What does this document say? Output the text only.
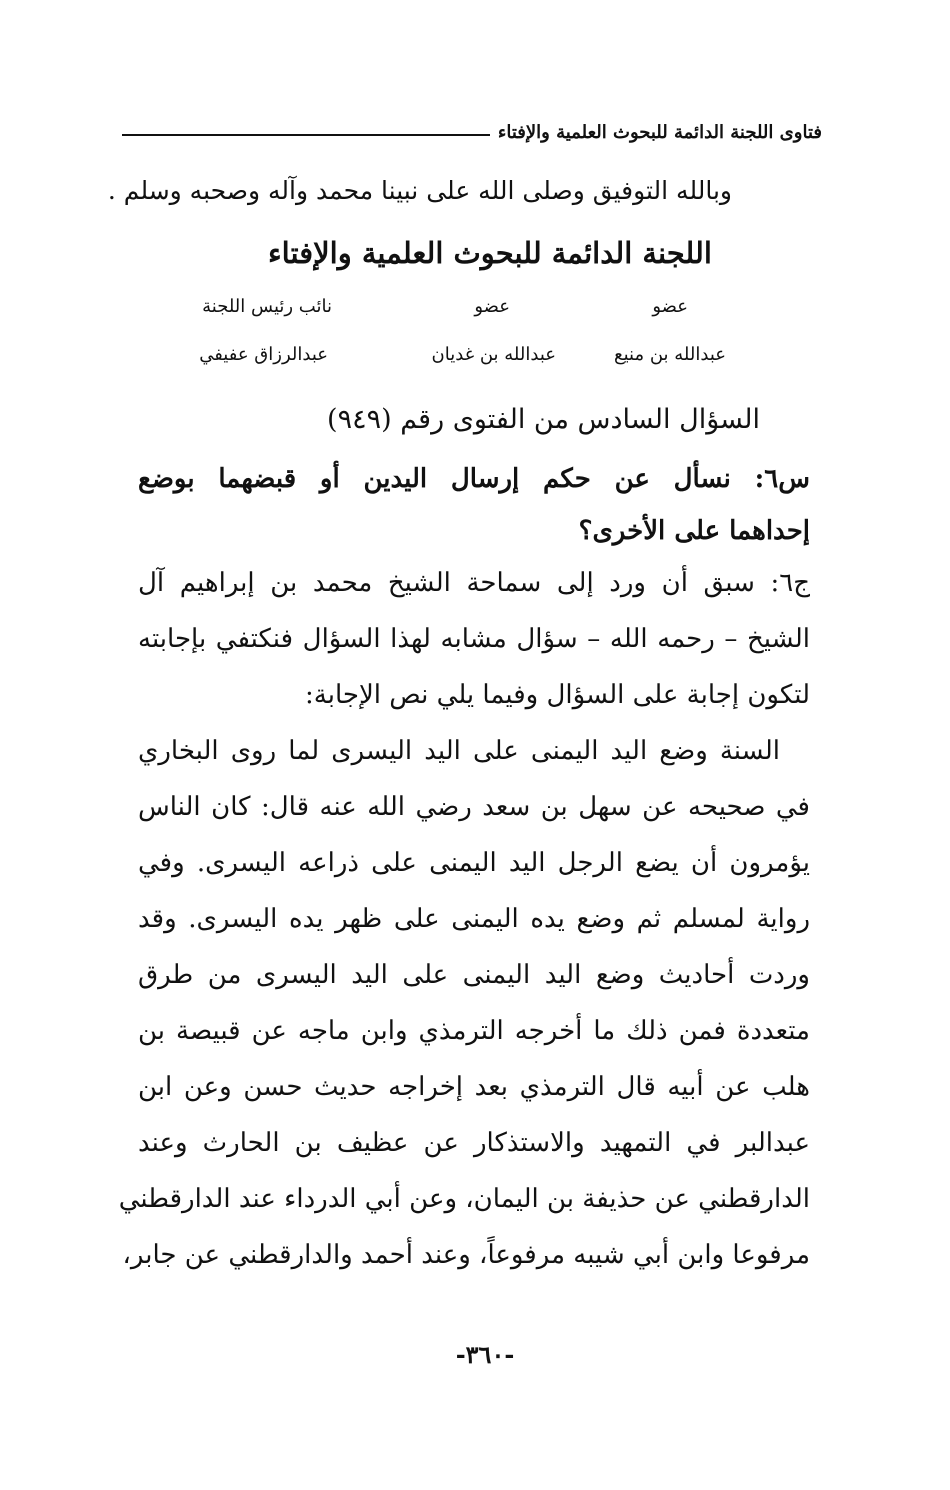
فتاوى اللجنة الدائمة للبحوث العلمية والإفتاء
وبالله التوفيق وصلى الله على نبينا محمد وآله وصحبه وسلم .
اللجنة الدائمة للبحوث العلمية والإفتاء
عضو
عضو
نائب رئيس اللجنة
عبدالله بن منيع
عبدالله بن غديان
عبدالرزاق عفيفي
السؤال السادس من الفتوى رقم (٩٤٩)
س٦: نسأل عن حكم إرسال اليدين أو قبضهما بوضع
إحداهما على الأخرى؟
ج٦: سبق أن ورد إلى سماحة الشيخ محمد بن إبراهيم آل
الشيخ – رحمه الله – سؤال مشابه لهذا السؤال فنكتفي بإجابته
لتكون إجابة على السؤال وفيما يلي نص الإجابة:
السنة وضع اليد اليمنى على اليد اليسرى لما روى البخاري
في صحيحه عن سهل بن سعد رضي الله عنه قال: كان الناس
يؤمرون أن يضع الرجل اليد اليمنى على ذراعه اليسرى. وفي
رواية لمسلم ثم وضع يده اليمنى على ظهر يده اليسرى. وقد
وردت أحاديث وضع اليد اليمنى على اليد اليسرى من طرق
متعددة فمن ذلك ما أخرجه الترمذي وابن ماجه عن قبيصة بن
هلب عن أبيه قال الترمذي بعد إخراجه حديث حسن وعن ابن
عبدالبر في التمهيد والاستذكار عن عظيف بن الحارث وعند
الدارقطني عن حذيفة بن اليمان، وعن أبي الدرداء عند الدارقطني
مرفوعا وابن أبي شيبه مرفوعاً، وعند أحمد والدارقطني عن جابر،
-٣٦٠-
